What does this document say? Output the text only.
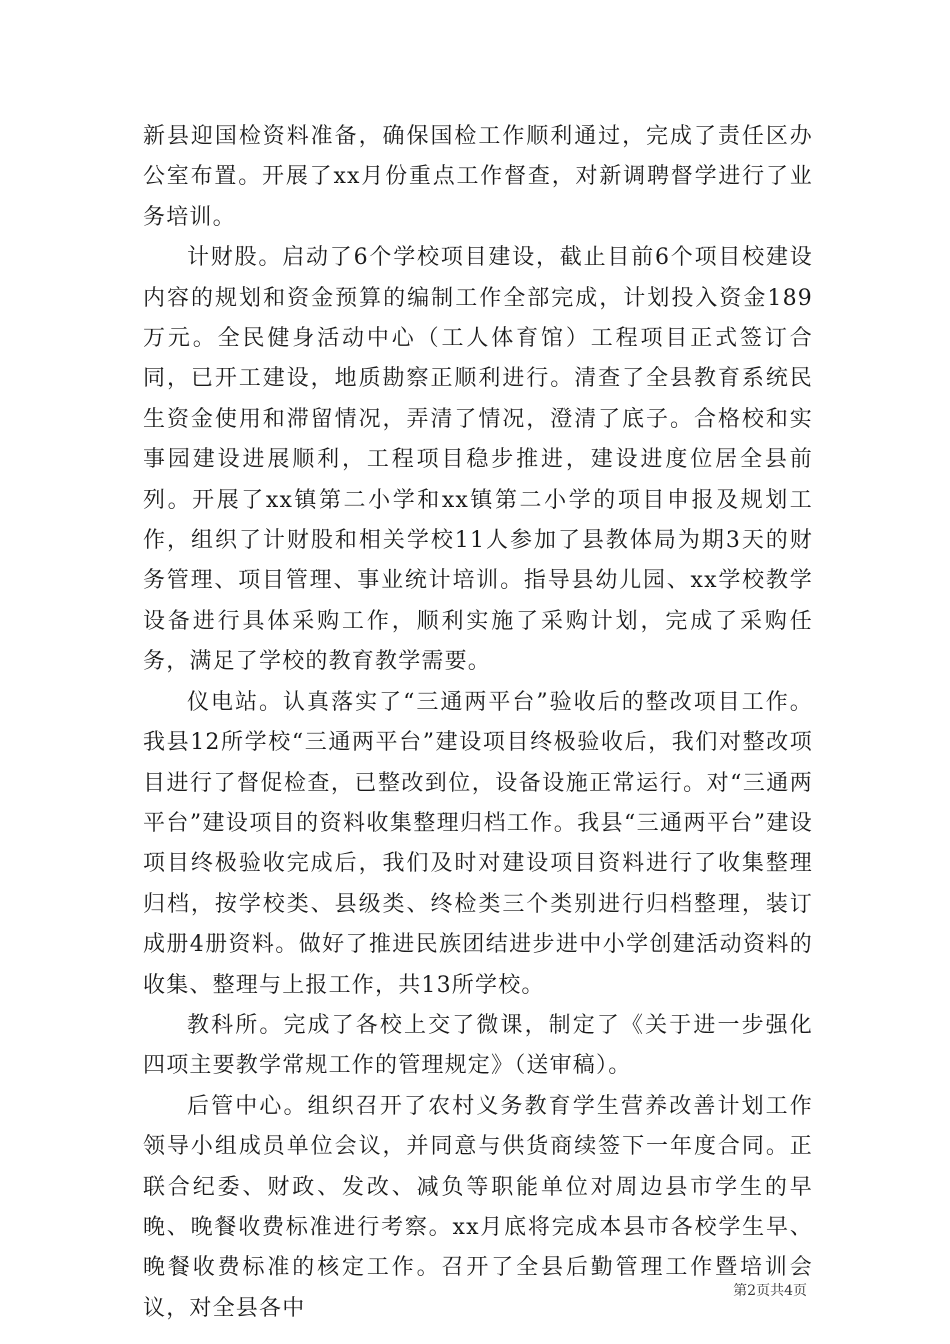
新县迎国检资料准备，确保国检工作顺利通过，完成了责任区办公室布置。开展了xx月份重点工作督查，对新调聘督学进行了业务培训。

计财股。启动了6个学校项目建设，截止目前6个项目校建设内容的规划和资金预算的编制工作全部完成，计划投入资金189万元。全民健身活动中心（工人体育馆）工程项目正式签订合同，已开工建设，地质勘察正顺利进行。清查了全县教育系统民生资金使用和滞留情况，弄清了情况，澄清了底子。合格校和实事园建设进展顺利，工程项目稳步推进，建设进度位居全县前列。开展了xx镇第二小学和xx镇第二小学的项目申报及规划工作，组织了计财股和相关学校11人参加了县教体局为期3天的财务管理、项目管理、事业统计培训。指导县幼儿园、xx学校教学设备进行具体采购工作，顺利实施了采购计划，完成了采购任务，满足了学校的教育教学需要。

仪电站。认真落实了“三通两平台”验收后的整改项目工作。我县12所学校“三通两平台”建设项目终极验收后，我们对整改项目进行了督促检查，已整改到位，设备设施正常运行。对“三通两平台”建设项目的资料收集整理归档工作。我县“三通两平台”建设项目终极验收完成后，我们及时对建设项目资料进行了收集整理归档，按学校类、县级类、终检类三个类别进行归档整理，装订成册4册资料。做好了推进民族团结进步进中小学创建活动资料的收集、整理与上报工作，共13所学校。

教科所。完成了各校上交了微课，制定了《关于进一步强化四项主要教学常规工作的管理规定》（送审稿）。

后管中心。组织召开了农村义务教育学生营养改善计划工作领导小组成员单位会议，并同意与供货商续签下一年度合同。正联合纪委、财政、发改、减负等职能单位对周边县市学生的早晚、晚餐收费标准进行考察。xx月底将完成本县市各校学生早、晚餐收费标准的核定工作。召开了全县后勤管理工作暨培训会议，对全县各中

第2页共4页
